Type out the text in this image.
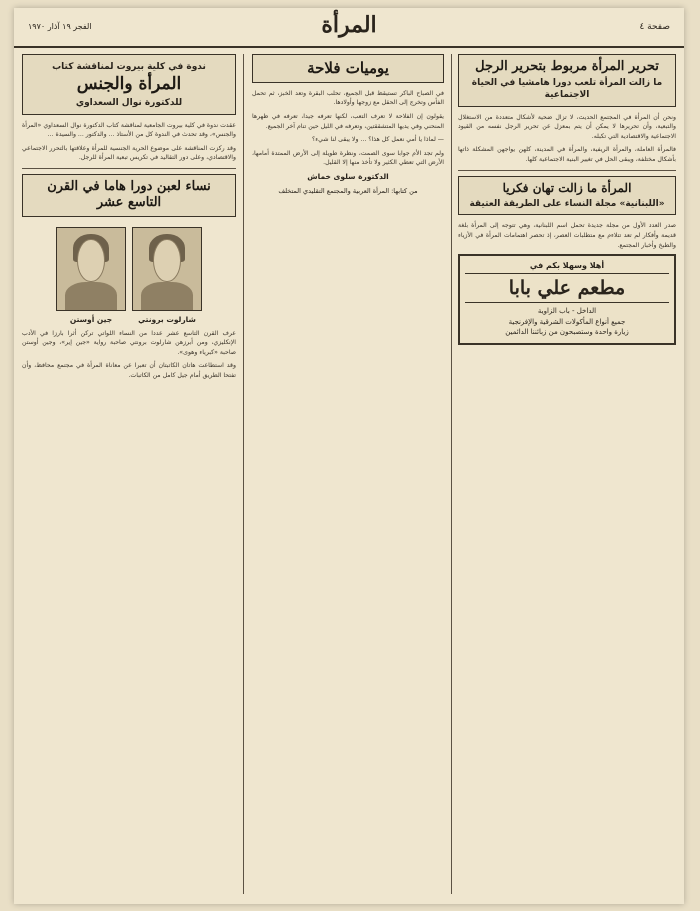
صفحة ٤
المرأة
الفجر ١٩ آذار ١٩٧٠
تحرير المرأة مربوط بتحرير الرجل
ما زالت المرأة تلعب دورا هامشيا في الحياة الاجتماعية

ونحن أن المرأة في المجتمع الحديث، لا تزال ضحية لأشكال متعددة من الاستغلال والتبعية، وأن تحريرها لا يمكن أن يتم بمعزل عن تحرير الرجل نفسه من القيود الاجتماعية والاقتصادية التي تكبله.

فالمرأة العاملة، والمرأة الريفية، والمرأة في المدينة، كلهن يواجهن المشكلة ذاتها بأشكال مختلفة، ويبقى الحل في تغيير البنية الاجتماعية كلها.

المرأة ما زالت تهان فكريا
«اللبنانية» مجلة النساء على الطريقة العتيقة

صدر العدد الأول من مجلة جديدة تحمل اسم اللبنانية، وهي تتوجه إلى المرأة بلغة قديمة وأفكار لم تعد تتلاءم مع متطلبات العصر، إذ تحصر اهتمامات المرأة في الأزياء والطبخ وأخبار المجتمع.

أهلا وسهلا بكم في
مطعم علي بابا
الداخل - باب الزاوية
جميع أنواع المأكولات الشرقية والإفرنجية
زيارة واحدة وستصبحون من زبائننا الدائمين
يوميات فلاحة

في الصباح الباكر تستيقظ قبل الجميع، تحلب البقرة وتعد الخبز، ثم تحمل الفأس وتخرج إلى الحقل مع زوجها وأولادها.

يقولون إن الفلاحة لا تعرف التعب، لكنها تعرفه جيدا، تعرفه في ظهرها المنحني وفي يديها المتشققتين، وتعرفه في الليل حين تنام آخر الجميع.

— لماذا يا أمي نعمل كل هذا؟ ... ولا يبقى لنا شيء؟

ولم تجد الأم جوابا سوى الصمت، ونظرة طويلة إلى الأرض الممتدة أمامها، الأرض التي تعطي الكثير ولا تأخذ منها إلا القليل.

الدكتورة سلوى خماش
من كتابها: المرأة العربية والمجتمع التقليدي المتخلف
ندوة في كلية بيروت لمناقشة كتاب
المرأة والجنس
للدكتورة نوال السعداوي

عقدت ندوة في كلية بيروت الجامعية لمناقشة كتاب الدكتورة نوال السعداوي «المرأة والجنس»، وقد تحدث في الندوة كل من الأستاذ ... والدكتور ... والسيدة ...

وقد ركزت المناقشة على موضوع الحرية الجنسية للمرأة وعلاقتها بالتحرر الاجتماعي والاقتصادي، وعلى دور التقاليد في تكريس تبعية المرأة للرجل.

نساء لعبن دورا هاما في القرن التاسع عشر
شارلوت برونتي
جين أوستن

عرف القرن التاسع عشر عددا من النساء اللواتي تركن أثرا بارزا في الأدب الإنكليزي، ومن أبرزهن شارلوت برونتي صاحبة رواية «جين إير»، وجين أوستن صاحبة «كبرياء وهوى».

وقد استطاعت هاتان الكاتبتان أن تعبرا عن معاناة المرأة في مجتمع محافظ، وأن تفتحا الطريق أمام جيل كامل من الكاتبات.
